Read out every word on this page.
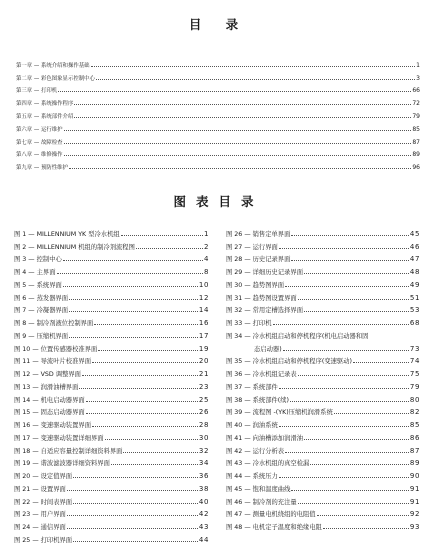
目 录
第一章 — 系统介绍和操作基础	1
第二章 — 彩色图象显示控制中心	3
第三章 — 打印机	66
第四章 — 系统操作程序	72
第五章 — 系统部件介绍	79
第六章 — 运行维护	85
第七章 — 故障检查	87
第八章 — 维修操作	89
第九章 — 预防性维护	96
图表目录
图 1 — MILLENNIUM YK 型冷水机组	1
图 2 — MILLENNIUM 机组的制冷剂流程图	2
图 3 — 控制中心	4
图 4 — 主界面	8
图 5 — 系统界面	10
图 6 — 蒸发器界面	12
图 7 — 冷凝器界面	14
图 8 — 制冷剂液位控制界面	16
图 9 — 压缩机界面	17
图 10 — 位置传感器校准界面	19
图 11 — 导流叶片校准界面	20
图 12 — VSD 调整界面	21
图 13 — 润滑油槽界面	23
图 14 — 机电启动器界面	25
图 15 — 固态启动器界面	26
图 16 — 变速驱动装置界面	28
图 17 — 变速驱动装置详细界面	30
图 18 — 自适应容量控制详细资料界面	32
图 19 — 谐波滤波器详细资料界面	34
图 20 — 设定值界面	36
图 21 — 设置界面	38
图 22 — 时间表界面	40
图 23 — 用户界面	42
图 24 — 通信界面	43
图 25 — 打印机界面	44
图 26 — 销售定单界面	45
图 27 — 运行界面	46
图 28 — 历史记录界面	47
图 29 — 详细历史记录界面	48
图 30 — 趋势图界面	49
图 31 — 趋势图设置界面	51
图 32 — 常用定槽选择界面	53
图 33 — 打印机	68
图 34 — 冷水机组启动和停机程序(机电启动器和固
态启动器)	73
图 35 — 冷水机组启动和停机程序(变速驱动)	74
图 36 — 冷水机组记录表	75
图 37 — 系统部件	79
图 38 — 系统部件(续)	80
图 39 — 流程图 -(YK)压缩机润滑系统	82
图 40 — 润油系统	85
图 41 — 向油槽添加润滑油	86
图 42 — 运行分析表	87
图 43 — 冷水机组的真空检漏	89
图 44 — 系统压力	90
图 45 — 饱和温度曲线	91
图 46 — 制冷剂的充注量	91
图 47 — 测量电机绕组的电阻值	92
图 48 — 电机定子温度和绝缘电阻	93
